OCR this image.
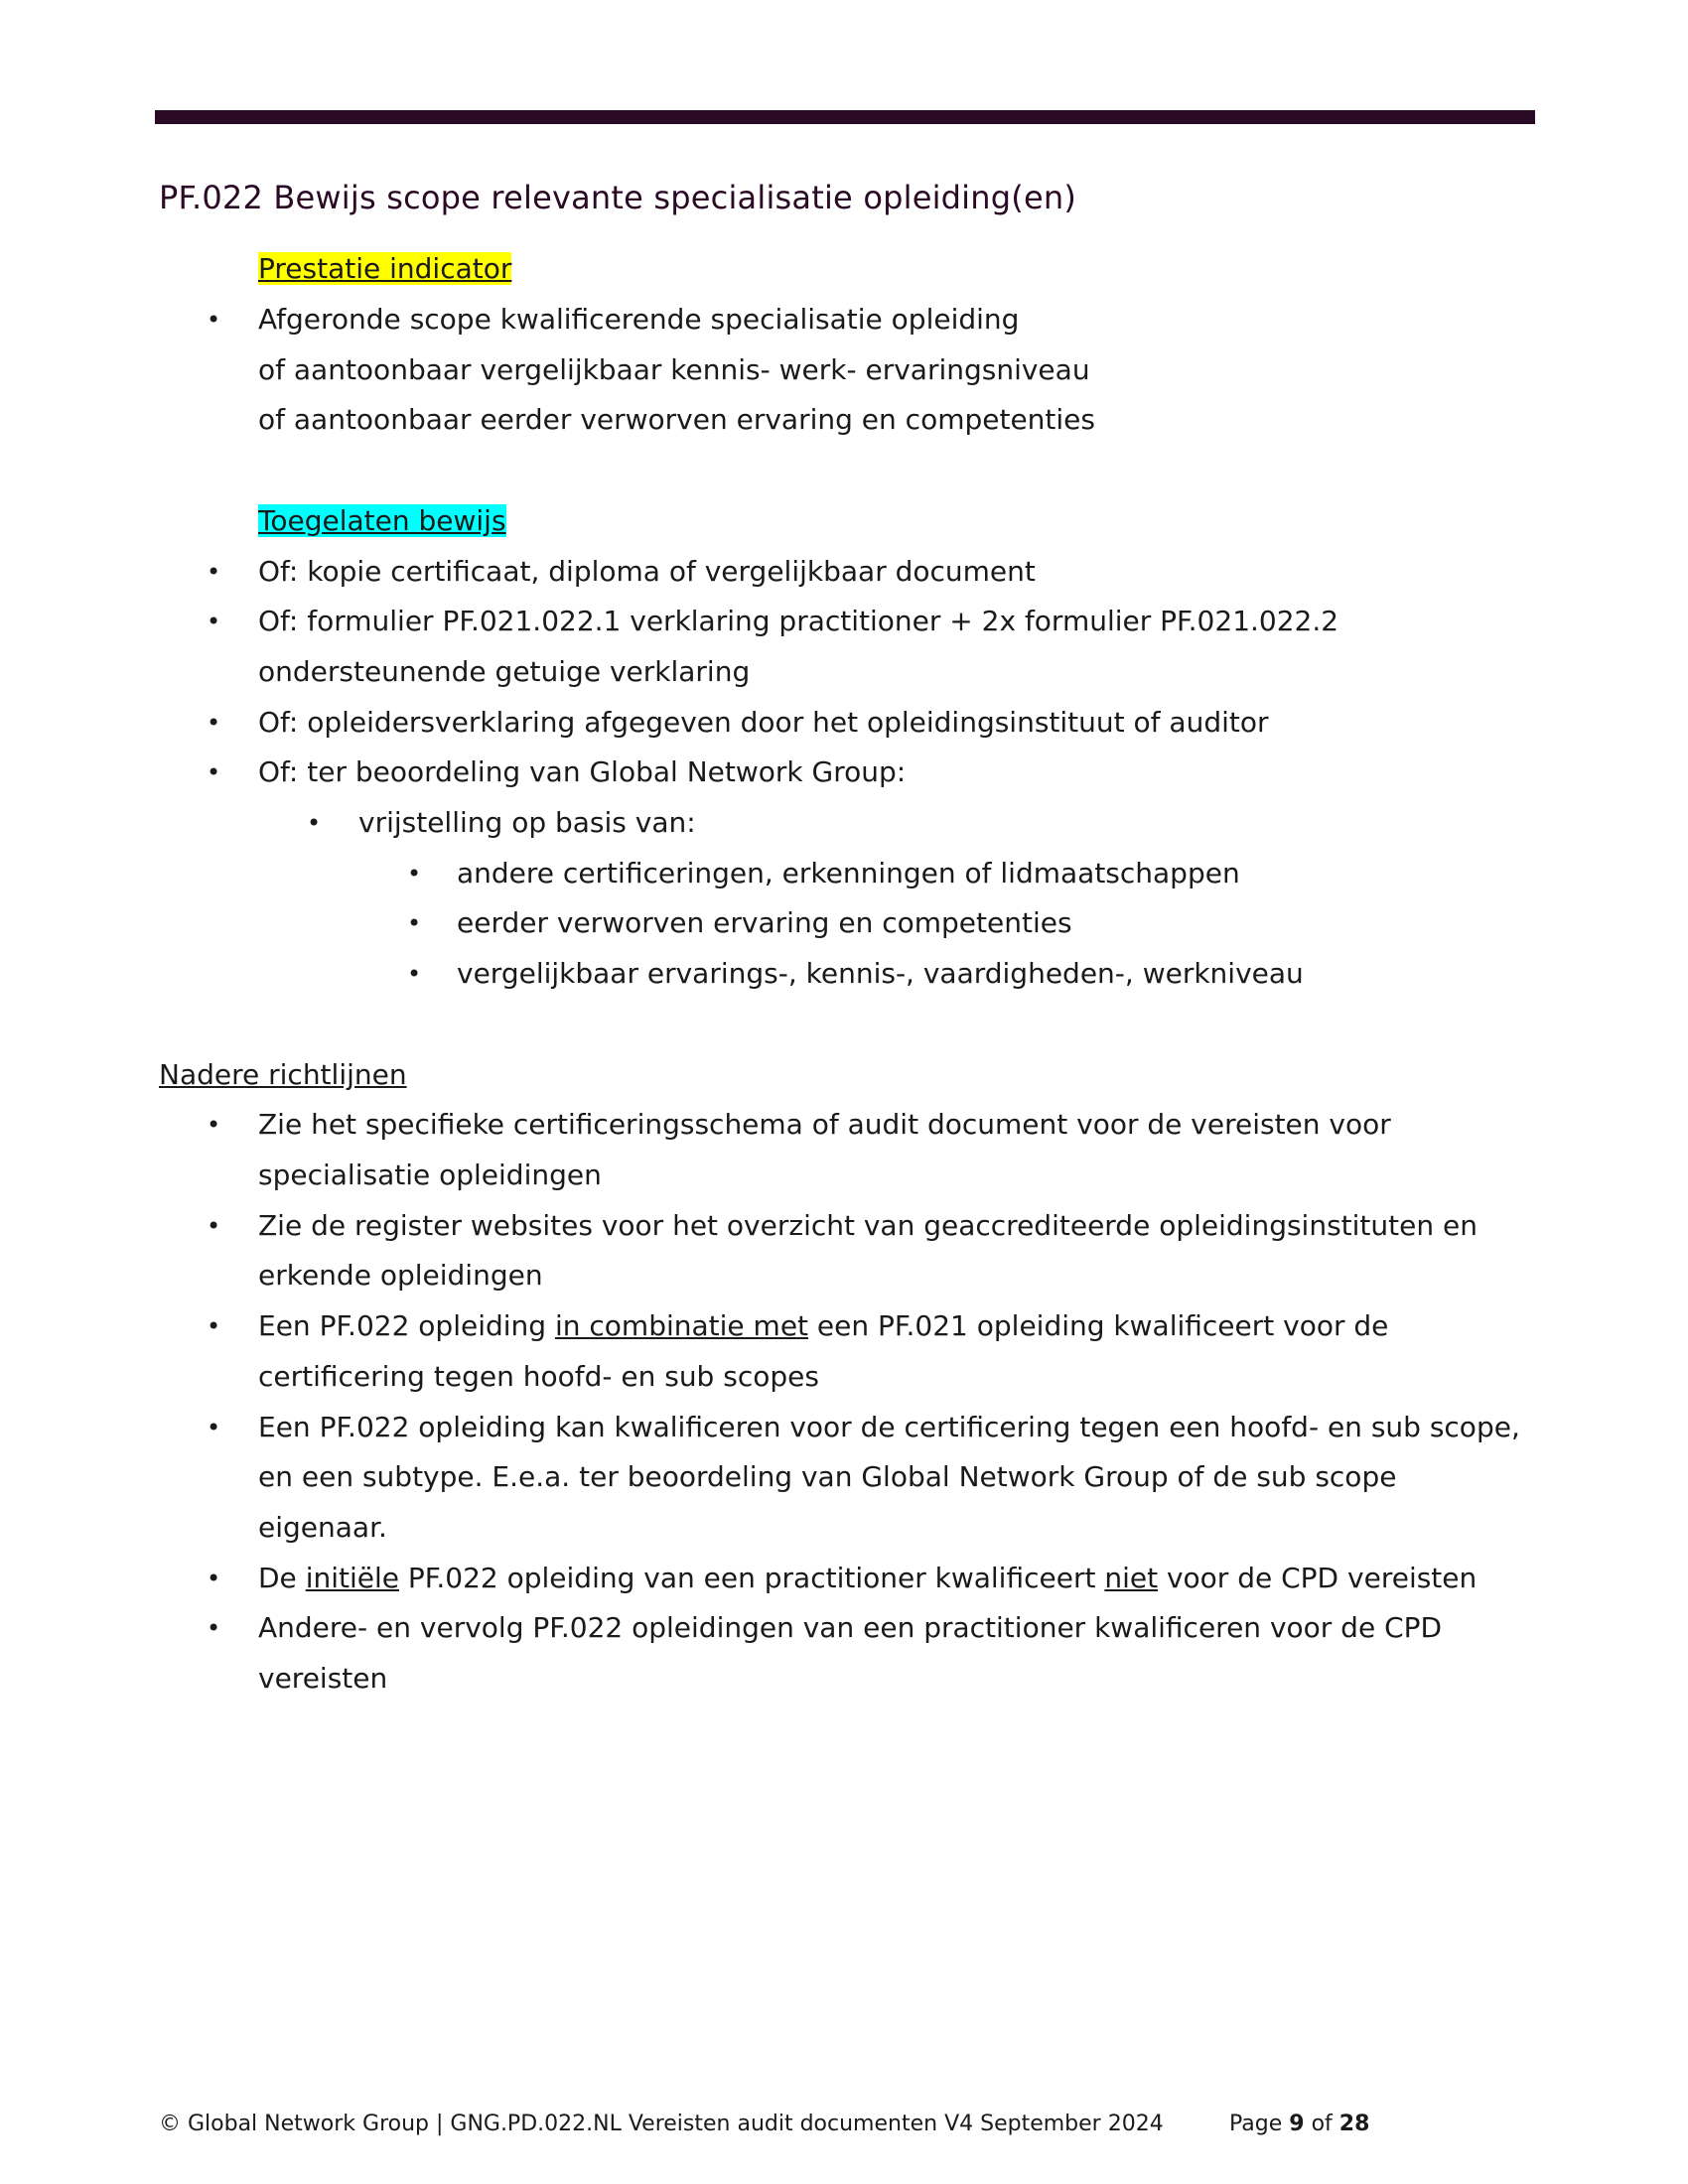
PF.022 Bewijs scope relevante specialisatie opleiding(en)
Prestatie indicator
• Afgeronde scope kwalificerende specialisatie opleiding
of aantoonbaar vergelijkbaar kennis- werk- ervaringsniveau
of aantoonbaar eerder verworven ervaring en competenties
Toegelaten bewijs
• Of: kopie certificaat, diploma of vergelijkbaar document
• Of: formulier PF.021.022.1 verklaring practitioner + 2x formulier PF.021.022.2
ondersteunende getuige verklaring
• Of: opleidersverklaring afgegeven door het opleidingsinstituut of auditor
• Of: ter beoordeling van Global Network Group:
• vrijstelling op basis van:
• andere certificeringen, erkenningen of lidmaatschappen
• eerder verworven ervaring en competenties
• vergelijkbaar ervarings-, kennis-, vaardigheden-, werkniveau
Nadere richtlijnen
• Zie het specifieke certificeringsschema of audit document voor de vereisten voor
specialisatie opleidingen
• Zie de register websites voor het overzicht van geaccrediteerde opleidingsinstituten en
erkende opleidingen
• Een PF.022 opleiding in combinatie met een PF.021 opleiding kwalificeert voor de
certificering tegen hoofd- en sub scopes
• Een PF.022 opleiding kan kwalificeren voor de certificering tegen een hoofd- en sub scope,
en een subtype. E.e.a. ter beoordeling van Global Network Group of de sub scope
eigenaar.
• De initiële PF.022 opleiding van een practitioner kwalificeert niet voor de CPD vereisten
• Andere- en vervolg PF.022 opleidingen van een practitioner kwalificeren voor de CPD
vereisten
© Global Network Group | GNG.PD.022.NL Vereisten audit documenten V4 September 2024	Page 9 of 28
